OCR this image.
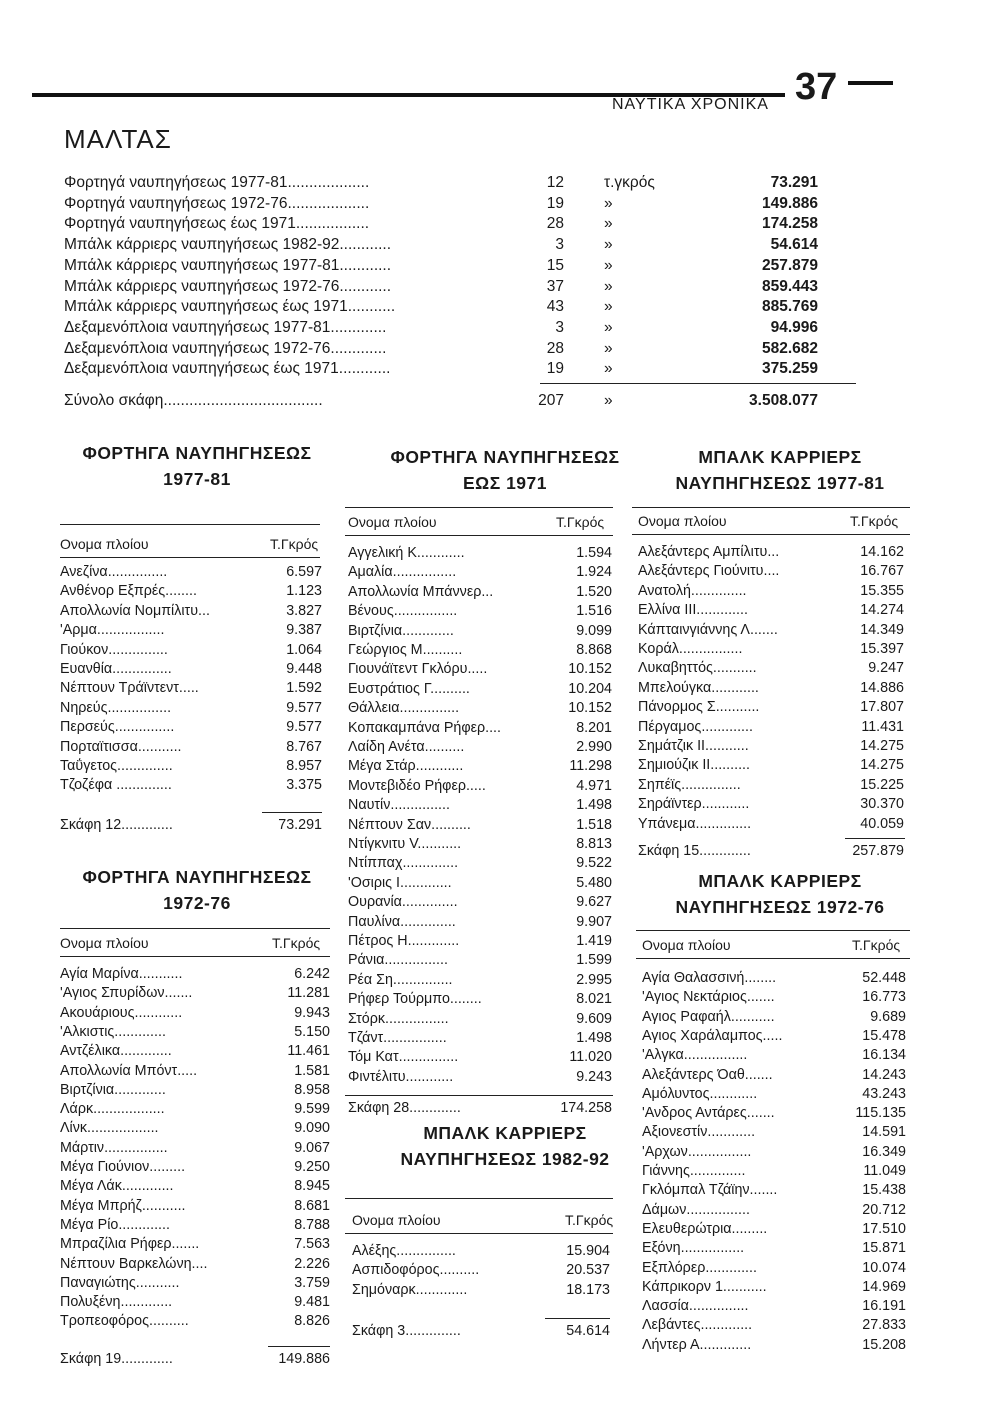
ΝΑΥΤΙΚΑ ΧΡΟΝΙΚΑ 37
ΜΑΛΤΑΣ
Φορτηγά ναυπηγήσεως 1977-81...................	12	τ.γκρός	73.291
Φορτηγά ναυπηγήσεως 1972-76...................	19	»	149.886
Φορτηγά ναυπηγήσεως έως 1971.................	28	»	174.258
Μπάλκ κάρριερς ναυπηγήσεως 1982-92............	3	»	54.614
Μπάλκ κάρριερς ναυπηγήσεως 1977-81............	15	»	257.879
Μπάλκ κάρριερς ναυπηγήσεως 1972-76............	37	»	859.443
Μπάλκ κάρριερς ναυπηγήσεως έως 1971...........	43	»	885.769
Δεξαμενόπλοια ναυπηγήσεως 1977-81.............	3	»	94.996
Δεξαμενόπλοια ναυπηγήσεως 1972-76.............	28	»	582.682
Δεξαμενόπλοια ναυπηγήσεως έως 1971............	19	»	375.259
Σύνολο σκάφη.....................................	207	»	3.508.077
ΦΟΡΤΗΓΑ ΝΑΥΠΗΓΗΣΕΩΣ
1977-81
Ονομα πλοίου	Τ.Γκρός
Ανεζίνα...............	6.597
Ανθένορ Εξπρές........	1.123
Απολλωνία Νομπίλιτυ...	3.827
'Αρμα.................	9.387
Γιούκον...............	1.064
Ευανθία...............	9.448
Νέπτουν Τράϊντεντ.....	1.592
Νηρεύς................	9.577
Περσεύς...............	9.577
Πορταϊτισσα...........	8.767
Ταΰγετος..............	8.957
Τζοζέφα ..............	3.375
Σκάφη 12.............	73.291
ΦΟΡΤΗΓΑ ΝΑΥΠΗΓΗΣΕΩΣ
1972-76
Ονομα πλοίου	Τ.Γκρός
Αγία Μαρίνα...........	6.242
'Αγιος Σπυρίδων.......	11.281
Ακουάριους............	9.943
'Αλκιστις.............	5.150
Αντζέλικα.............	11.461
Απολλωνία Μπόντ.....	1.581
Βιρτζίνια.............	8.958
Λάρκ..................	9.599
Λίνκ..................	9.090
Μάρτιν................	9.067
Μέγα Γιούνιον.........	9.250
Μέγα Λάκ.............	8.945
Μέγα Μπρήζ...........	8.681
Μέγα Ρίο.............	8.788
Μπραζίλια Ρήφερ.......	7.563
Νέπτουν Βαρκελώνη....	2.226
Παναγιώτης...........	3.759
Πολυξένη.............	9.481
Τροπεοφόρος..........	8.826
Σκάφη 19.............	149.886
ΦΟΡΤΗΓΑ ΝΑΥΠΗΓΗΣΕΩΣ
ΕΩΣ 1971
Ονομα πλοίου	Τ.Γκρός
Αγγελική Κ............	1.594
Αμαλία................	1.924
Απολλωνία Μπάννερ...	1.520
Βένους................	1.516
Βιρτζίνια.............	9.099
Γεώργιος Μ..........	8.868
Γιουνάϊτεντ Γκλόρυ.....	10.152
Ευστράτιος Γ..........	10.204
Θάλλεια...............	10.152
Κοπακαμπάνα Ρήφερ....	8.201
Λαίδη Ανέτα..........	2.990
Μέγα Στάρ............	11.298
Μοντεβιδέο Ρήφερ.....	4.971
Ναυτίν...............	1.498
Νέπτουν Σαν..........	1.518
Ντίγκνιτυ V...........	8.813
Ντίππαχ..............	9.522
'Οσιρις Ι.............	5.480
Ουρανία..............	9.627
Παυλίνα..............	9.907
Πέτρος Η.............	1.419
Ράνια................	1.599
Ρέα Ση...............	2.995
Ρήφερ Τούρμπο........	8.021
Στόρκ................	9.609
Τζάντ................	1.498
Τόμ Κατ...............	11.020
Φιντέλιτυ............	9.243
Σκάφη 28.............	174.258
ΜΠΑΛΚ ΚΑΡΡΙΕΡΣ
ΝΑΥΠΗΓΗΣΕΩΣ 1982-92
Ονομα πλοίου	Τ.Γκρός
Αλέξης...............	15.904
Ασπιδοφόρος..........	20.537
Σημόναρκ.............	18.173
Σκάφη 3..............	54.614
ΜΠΑΛΚ ΚΑΡΡΙΕΡΣ
ΝΑΥΠΗΓΗΣΕΩΣ 1977-81
Ονομα πλοίου	Τ.Γκρός
Αλεξάντερς Αμπίλιτυ...	14.162
Αλεξάντερς Γιούνιτυ....	16.767
Ανατολή..............	15.355
Ελλίνα ΙΙΙ.............	14.274
Κάπταινγιάννης Λ.......	14.349
Κοράλ................	15.397
Λυκαβηττός...........	9.247
Μπελούγκα............	14.886
Πάνορμος Σ...........	17.807
Πέργαμος.............	11.431
Σημάτζικ ΙΙ...........	14.275
Σημιούζικ ΙΙ..........	14.275
Σηπέϊς...............	15.225
Σηράϊντερ............	30.370
Υπάνεμα..............	40.059
Σκάφη 15.............	257.879
ΜΠΑΛΚ ΚΑΡΡΙΕΡΣ
ΝΑΥΠΗΓΗΣΕΩΣ 1972-76
Ονομα πλοίου	Τ.Γκρός
Αγία Θαλασσινή........	52.448
'Αγιος Νεκτάριος.......	16.773
Αγιος Ραφαήλ...........	9.689
Αγιος Χαράλαμπος.....	15.478
'Αλγκα................	16.134
Αλεξάντερς Όαθ.......	14.243
Αμόλυντος............	43.243
'Ανδρος Αντάρες.......	115.135
Αξιονεστίν............	14.591
'Αρχων................	16.349
Γιάννης..............	11.049
Γκλόμπαλ Τζάϊην.......	15.438
Δάμων................	20.712
Ελευθερώτρια.........	17.510
Εξόνη................	15.871
Εξπλόρερ.............	10.074
Κάπρικορν 1...........	14.969
Λασσία...............	16.191
Λεβάντες.............	27.833
Λήντερ Α.............	15.208
